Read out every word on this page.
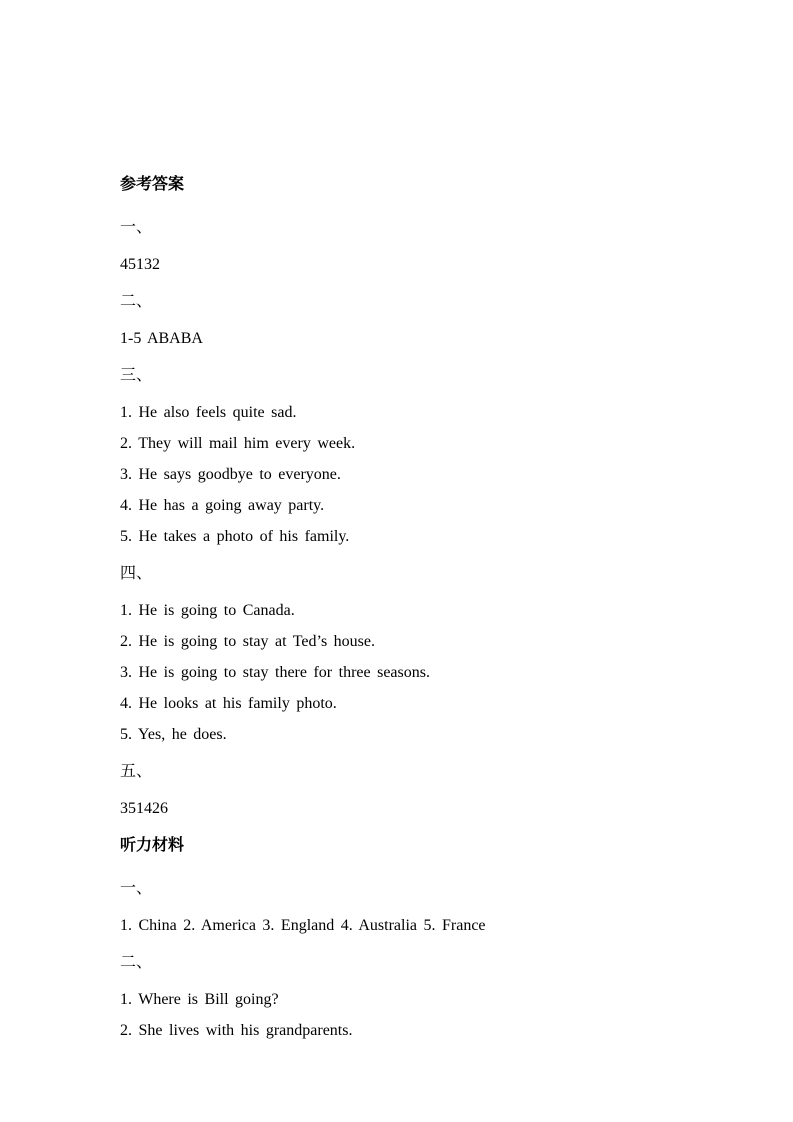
参考答案

一、

45132

二、

1-5 ABABA

三、

1. He also feels quite sad.

2. They will mail him every week.

3. He says goodbye to everyone.

4. He has a going away party.

5. He takes a photo of his family.

四、

1. He is going to Canada.

2. He is going to stay at Ted’s house.

3. He is going to stay there for three seasons.

4. He looks at his family photo.

5. Yes, he does.

五、

351426

听力材料

一、

1. China 2. America 3. England 4. Australia 5. France

二、

1. Where is Bill going?

2. She lives with his grandparents.
